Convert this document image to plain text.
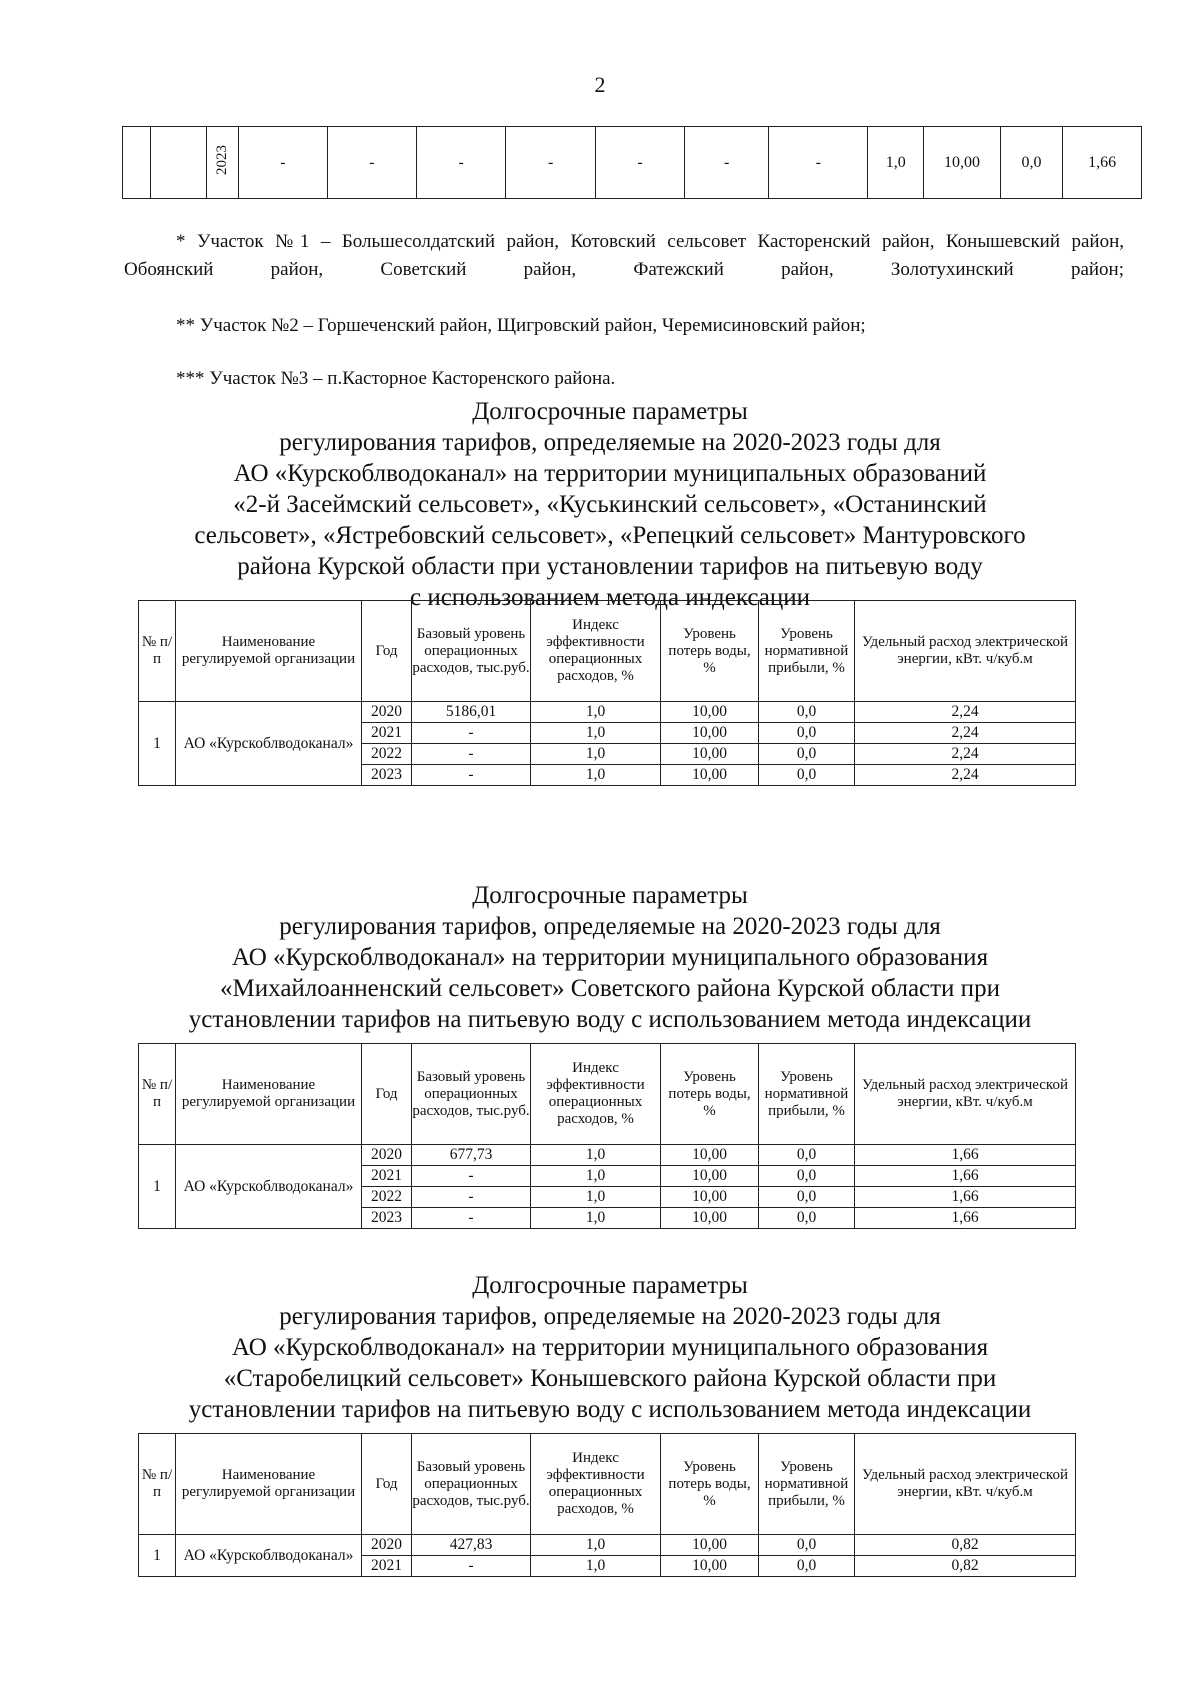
2
		2023	-	-	-	-	-	-	-	1,0	10,00	0,0	1,66

* Участок №1 – Большесолдатский район, Котовский сельсовет Касторенский район, Конышевский район, Обоянский район, Советский район, Фатежский район, Золотухинский район;

** Участок №2 – Горшеченский район, Щигровский район, Черемисиновский район;

*** Участок №3 – п.Касторное Касторенского района.

Долгосрочные параметры
регулирования тарифов, определяемые на 2020-2023 годы для
АО «Курскоблводоканал» на территории муниципальных образований
«2-й Засеймский сельсовет», «Куськинский сельсовет», «Останинский
сельсовет», «Ястребовский сельсовет», «Репецкий сельсовет» Мантуровского
района Курской области при установлении тарифов на питьевую воду
с использованием метода индексации
№ п/ п	Наименование регулируемой организации	Год	Базовый уровень операционных расходов, тыс.руб.	Индекс эффективности операционных расходов, %	Уровень потерь воды, %	Уровень нормативной прибыли, %	Удельный расход электрической энергии, кВт. ч/куб.м
1	АО «Курскоблводоканал»	2020	5186,01	1,0	10,00	0,0	2,24
		2021	-	1,0	10,00	0,0	2,24
		2022	-	1,0	10,00	0,0	2,24
		2023	-	1,0	10,00	0,0	2,24
Долгосрочные параметры
регулирования тарифов, определяемые на 2020-2023 годы для
АО «Курскоблводоканал» на территории муниципального образования
«Михайлоанненский сельсовет» Советского района Курской области при
установлении тарифов на питьевую воду с использованием метода индексации
№ п/п	Наименование регулируемой организации	Год	Базовый уровень операционных расходов, тыс.руб.	Индекс эффективности операционных расходов, %	Уровень потерь воды, %	Уровень нормативной прибыли, %	Удельный расход электрической энергии, кВт. ч/куб.м
1	АО «Курскоблводоканал»	2020	677,73	1,0	10,00	0,0	1,66
		2021	-	1,0	10,00	0,0	1,66
		2022	-	1,0	10,00	0,0	1,66
		2023	-	1,0	10,00	0,0	1,66
Долгосрочные параметры
регулирования тарифов, определяемые на 2020-2023 годы для
АО «Курскоблводоканал» на территории муниципального образования
«Старобелицкий сельсовет» Конышевского района Курской области при
установлении тарифов на питьевую воду с использованием метода индексации
№ п/п	Наименование регулируемой организации	Год	Базовый уровень операционных расходов, тыс.руб.	Индекс эффективности операционных расходов, %	Уровень потерь воды, %	Уровень нормативной прибыли, %	Удельный расход электрической энергии, кВт. ч/куб.м
1	АО «Курскоблводоканал»	2020	427,83	1,0	10,00	0,0	0,82
		2021	-	1,0	10,00	0,0	0,82
